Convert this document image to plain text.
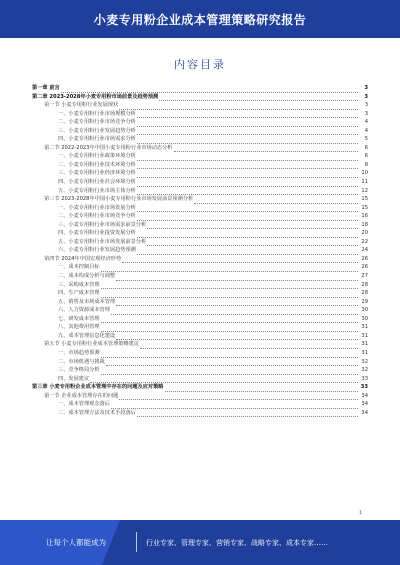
小麦专用粉企业成本管理策略研究报告
内容目录
第一章 前言	3
第二章 2023-2028年小麦专用粉市场前景及趋势预测	3
第一节 小麦专用粉行业发展现状	3
一、小麦专用粉行业市场规模分析	3
二、小麦专用粉行业市场竞争分析	4
三、小麦专用粉行业发展趋势分析	4
四、小麦专用粉行业市场需求分析	5
第二节 2022-2023年中国小麦专用粉行业市场动态分析	6
一、小麦专用粉行业政策环境分析	6
二、小麦专用粉行业技术环境分析	8
三、小麦专用粉行业经济环境分析	10
四、小麦专用粉行业社会环境分析	11
五、小麦专用粉行业市场主体分析	12
第三节 2023-2028年中国小麦专用粉行业市场发展前景预测分析	15
一、小麦专用粉行业市场发展分析	15
二、小麦专用粉行业市场竞争分析	16
三、小麦专用粉行业市场需求前景分析	18
四、小麦专用粉行业投资发展分析	20
五、小麦专用粉行业市场发展前景分析	22
六、小麦专用粉行业发展趋势预测	24
第四节 2024年中国宏观经济形势	26
一、成本控制目标	26
二、成本构成分析与调整	27
三、采购成本管理	28
四、生产成本管理	28
五、销售及市场成本管理	29
六、人力资源成本管理	30
七、研发成本管理	30
八、其他费用管理	31
九、成本管理信息化建设	31
第五节 小麦专用粉行业成本管理策略建议	31
一、市场趋势预测	31
二、市场机遇与挑战	32
三、竞争格局分析	32
四、发展建议	33
第三章 小麦专用粉企业成本管理中存在的问题及应对策略	33
第一节 企业成本管理存在的问题	34
一、成本管理观念落后	34
二、成本管理方法及技术手段落后	34
1
让每个人都能成为	行业专家、管理专家、营销专家、战略专家、成本专家……
